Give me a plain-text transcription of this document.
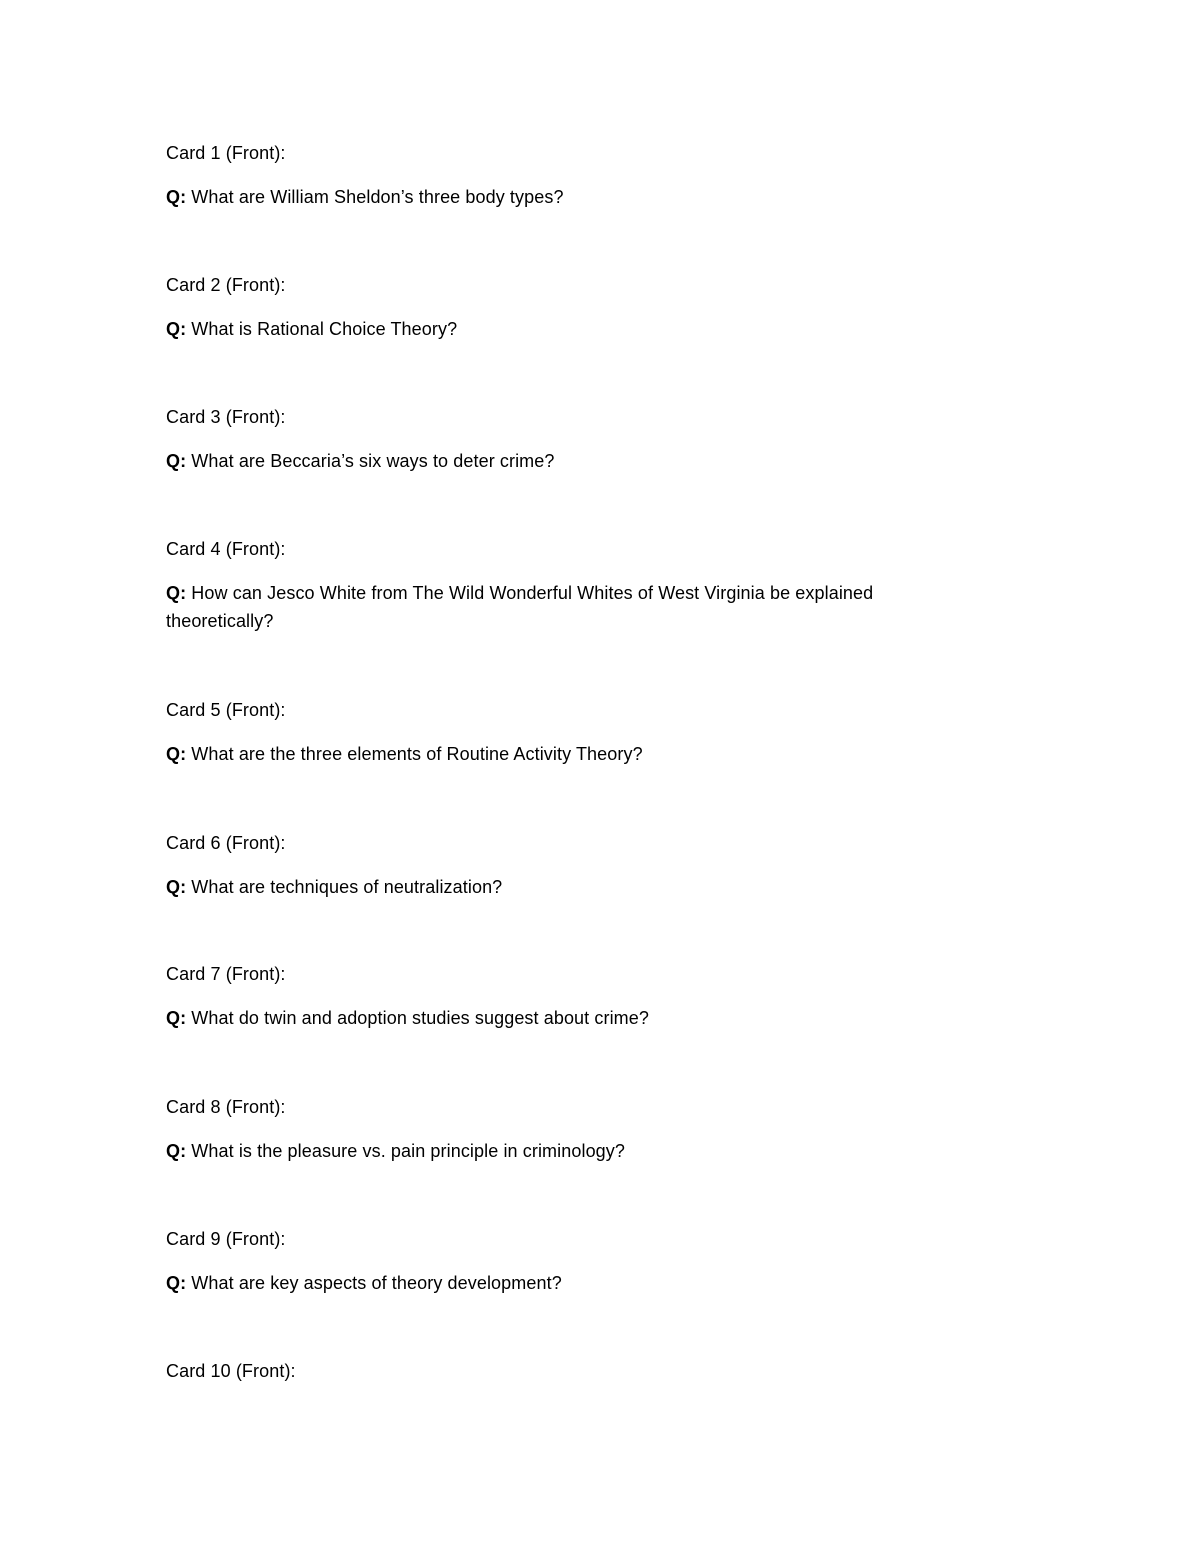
Card 1 (Front):
Q: What are William Sheldon’s three body types?
Card 2 (Front):
Q: What is Rational Choice Theory?
Card 3 (Front):
Q: What are Beccaria’s six ways to deter crime?
Card 4 (Front):
Q: How can Jesco White from The Wild Wonderful Whites of West Virginia be explained theoretically?
Card 5 (Front):
Q: What are the three elements of Routine Activity Theory?
Card 6 (Front):
Q: What are techniques of neutralization?
Card 7 (Front):
Q: What do twin and adoption studies suggest about crime?
Card 8 (Front):
Q: What is the pleasure vs. pain principle in criminology?
Card 9 (Front):
Q: What are key aspects of theory development?
Card 10 (Front):
